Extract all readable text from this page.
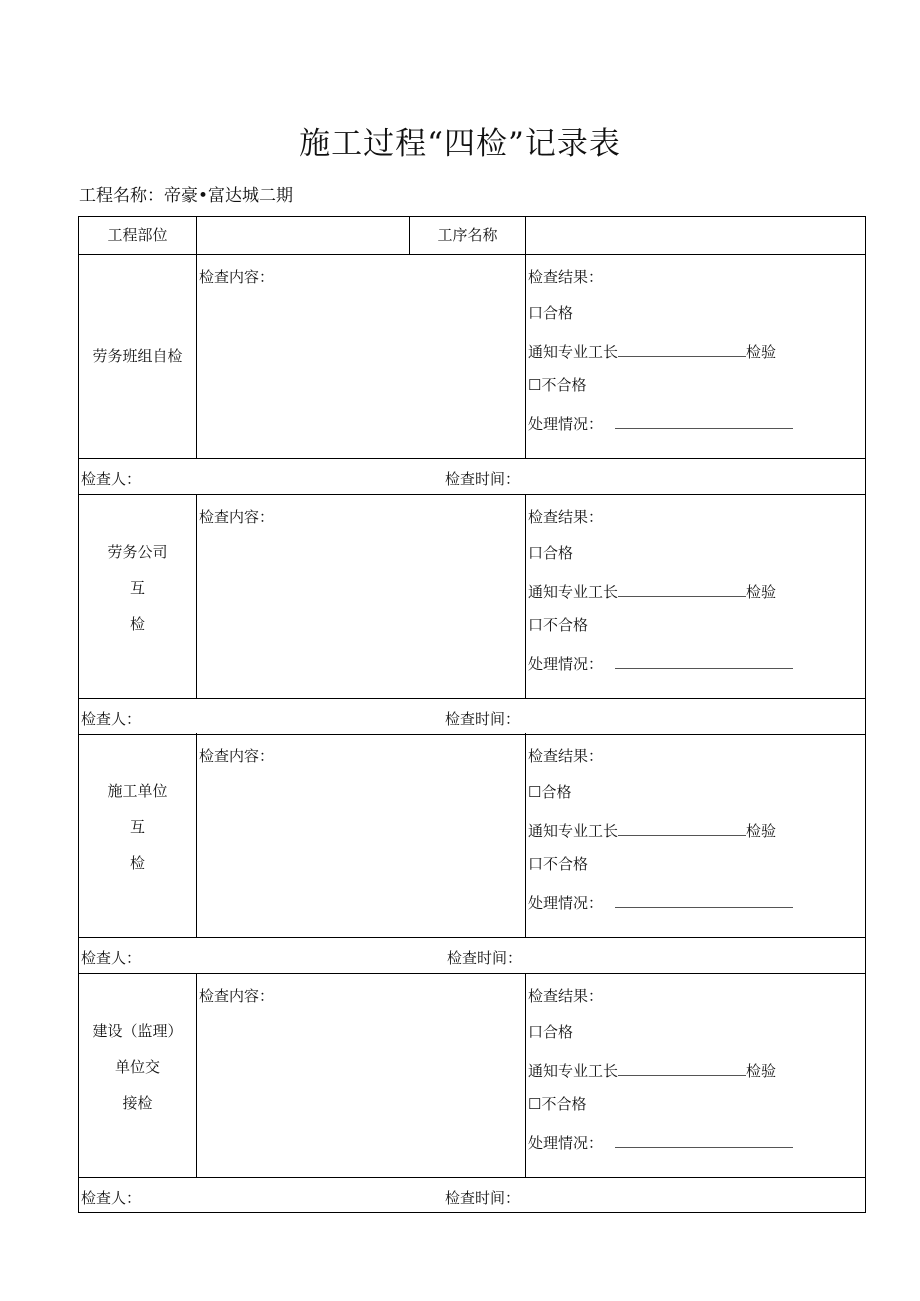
施工过程“四检”记录表
工程名称：帝豪•富达城二期
工程部位	工序名称
劳务班组自检
检查内容：	检查结果：
口合格
通知专业工长	检验
☐不合格
处理情况：
检查人：	检查时间：
劳务公司
互
检
检查内容：	检查结果：
口合格
通知专业工长	检验
口不合格
处理情况：
检查人：	检查时间：
施工单位
互
检
检查内容：	检查结果：
☐合格
通知专业工长	检验
口不合格
处理情况：
检查人：	检查时间：
建设（监理）
单位交
接检
检查内容：	检查结果：
口合格
通知专业工长	检验
☐不合格
处理情况：
检查人：	检查时间：
